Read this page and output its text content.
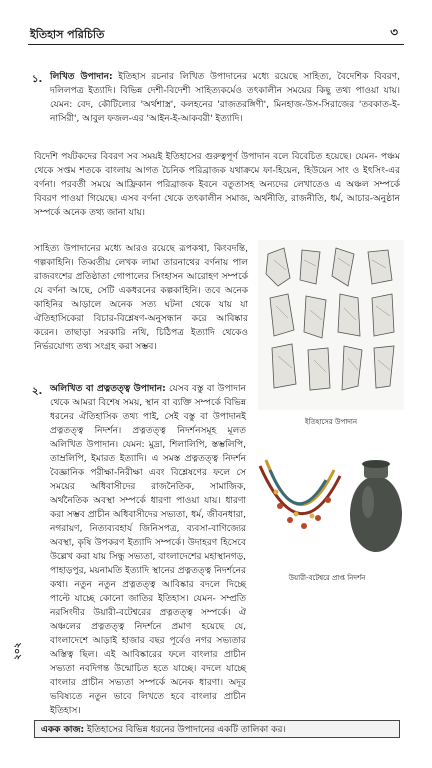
ইতিহাস পরিচিতি	৩
১. লিখিত উপাদান: ইতিহাস রচনার লিখিত উপাদানের মধ্যে রয়েছে সাহিত্য, বৈদেশিক বিবরণ, দলিলপত্র ইত্যাদি। বিভিন্ন দেশী-বিদেশী সাহিত্যকর্মেও তৎকালীন সময়ের কিছু তথ্য পাওয়া যায়। যেমন: বেদ, কৌটিল্যের 'অর্থশাস্ত্র', কলহনের 'রাজতরঙ্গিণী', মিনহাজ-উস-সিরাজের 'তবকাত-ই-নাসিরী', আবুল ফজল-এর 'আইন-ই-আকবরী' ইত্যাদি।

বিদেশি পর্যটকদের বিবরণ সব সময়ই ইতিহাসের গুরুত্বপূর্ণ উপাদান বলে বিবেচিত হয়েছে। যেমন- পঞ্চম থেকে সপ্তম শতকে বাংলায় আগত চৈনিক পরিব্রাজক যথাক্রমে ফা-হিয়েন, হিউয়েন সাং ও ইৎসিং-এর বর্ণনা। পরবর্তী সময়ে আফ্রিকান পরিব্রাজক ইবনে বতুতাসহ অন্যদের লেখাতেও এ অঞ্চল সম্পর্কে বিবরণ পাওয়া গিয়েছে। এসব বর্ণনা থেকে তৎকালীন সমাজ, অর্থনীতি, রাজনীতি, ধর্ম, আচার-অনুষ্ঠান সম্পর্কে অনেক তথ্য জানা যায়।

ইতিহাসের উপাদান

সাহিত্য উপাদানের মধ্যে আরও রয়েছে রূপকথা, কিংবদন্তি, গল্পকাহিনি। তিব্বতীয় লেখক লামা তারনাথের বর্ণনায় পাল রাজবংশের প্রতিষ্ঠাতা গোপালের সিংহাসন আরোহণ সম্পর্কে যে বর্ণনা আছে, সেটি একধরনের কল্পকাহিনি। তবে অনেক কাহিনির আড়ালে অনেক সত্য ঘটনা থেকে যায় যা ঐতিহাসিকেরা বিচার-বিশ্লেষণ-অনুসন্ধান করে আবিষ্কার করেন। তাছাড়া সরকারি নথি, চিঠিপত্র ইত্যাদি থেকেও নির্ভরযোগ্য তথ্য সংগ্রহ করা সম্ভব।

২. অলিখিত বা প্রত্নতত্ত্ব উপাদান: যেসব বস্তু বা উপাদান থেকে আমরা বিশেষ সময়, স্থান বা ব্যক্তি সম্পর্কে বিভিন্ন ধরনের ঐতিহাসিক তথ্য পাই, সেই বস্তু বা উপাদানই প্রত্নতত্ত্ব নিদর্শন। প্রত্নতত্ত্ব নিদর্শনসমূহ মূলত অলিখিত উপাদান। যেমন: মুদ্রা, শিলালিপি, স্তম্ভলিপি, তাম্রলিপি, ইমারত ইত্যাদি। এ সমস্ত প্রত্নতত্ত্ব নিদর্শন বৈজ্ঞানিক পরীক্ষা-নিরীক্ষা এবং বিশ্লেষণের ফলে সে সময়ের অধিবাসীদের রাজনৈতিক, সামাজিক, অর্থনৈতিক অবস্থা সম্পর্কে ধারণা পাওয়া যায়। ধারণা করা সম্ভব প্রাচীন অধিবাসীদের সভ্যতা, ধর্ম, জীবনধারা, নগরায়ণ, নিত্যব্যবহার্য জিনিসপত্র, ব্যবসা-বাণিজ্যের অবস্থা, কৃষি উপকরণ ইত্যাদি সম্পর্কে। উদাহরণ হিসেবে উল্লেখ করা যায় সিন্ধু সভ্যতা, বাংলাদেশের মহাস্থানগড়, পাহাড়পুর, ময়নামতি ইত্যাদি স্থানের প্রত্নতত্ত্ব নিদর্শনের কথা। নতুন নতুন প্রত্নতত্ত্ব আবিষ্কার বদলে দিচ্ছে পাল্টে যাচ্ছে কোনো জাতির ইতিহাস। যেমন- সম্প্রতি নরসিংদীর উয়ারী-বটেশ্বরের প্রত্নতত্ত্ব সম্পর্কে। ঐ অঞ্চলের প্রত্নতত্ত্ব নিদর্শনে প্রমাণ হয়েছে যে, বাংলাদেশে আড়াই হাজার বছর পূর্বেও নগর সভ্যতার অস্তিত্ব ছিল। এই আবিষ্কারের ফলে বাংলার প্রাচীন সভ্যতা নবদিগন্ত উন্মোচিত হতে যাচ্ছে। বদলে যাচ্ছে বাংলার প্রাচীন সভ্যতা সম্পর্কে অনেক ধারণা। অদূর ভবিষ্যতে নতুন ভাবে লিখতে হবে বাংলার প্রাচীন ইতিহাস।

উয়ারী-বটেশ্বরে প্রাপ্ত নিদর্শন
২০২
একক কাজ: ইতিহাসের বিভিন্ন ধরনের উপাদানের একটি তালিকা কর।
